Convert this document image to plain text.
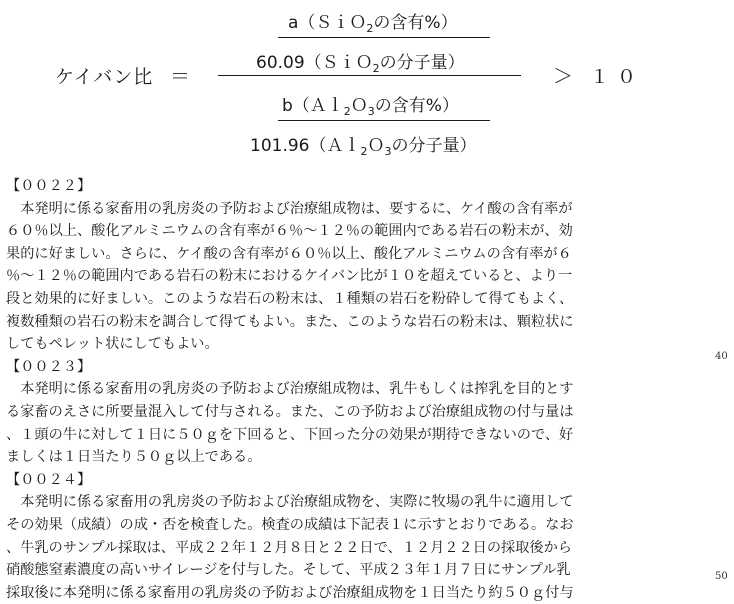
ケイバン比 ＝
a（ＳｉＯ$_2$の含有%）
60.09（ＳｉＯ$_2$の分子量）
b（Ａｌ$_2$Ｏ$_3$の含有%）
101.96（Ａｌ$_2$Ｏ$_3$の分子量）
＞ １０
【００２２】
　本発明に係る家畜用の乳房炎の予防および治療組成物は、要するに、ケイ酸の含有率が
６０％以上、酸化アルミニウムの含有率が６％～１２％の範囲内である岩石の粉末が、効
果的に好ましい。さらに、ケイ酸の含有率が６０％以上、酸化アルミニウムの含有率が６
％～１２％の範囲内である岩石の粉末におけるケイバン比が１０を超えていると、より一
段と効果的に好ましい。このような岩石の粉末は、１種類の岩石を粉砕して得てもよく、
複数種類の岩石の粉末を調合して得てもよい。また、このような岩石の粉末は、顆粒状に
してもペレット状にしてもよい。
【００２３】
　本発明に係る家畜用の乳房炎の予防および治療組成物は、乳牛もしくは搾乳を目的とす
る家畜のえさに所要量混入して付与される。また、この予防および治療組成物の付与量は
、１頭の牛に対して１日に５０ｇを下回ると、下回った分の効果が期待できないので、好
ましくは１日当たり５０ｇ以上である。
【００２４】
　本発明に係る家畜用の乳房炎の予防および治療組成物を、実際に牧場の乳牛に適用して
その効果（成績）の成・否を検査した。検査の成績は下記表１に示すとおりである。なお
、牛乳のサンプル採取は、平成２２年１２月８日と２２日で、１２月２２日の採取後から
硝酸態窒素濃度の高いサイレージを付与した。そして、平成２３年１月７日にサンプル乳
採取後に本発明に係る家畜用の乳房炎の予防および治療組成物を１日当たり約５０ｇ付与
40
50
